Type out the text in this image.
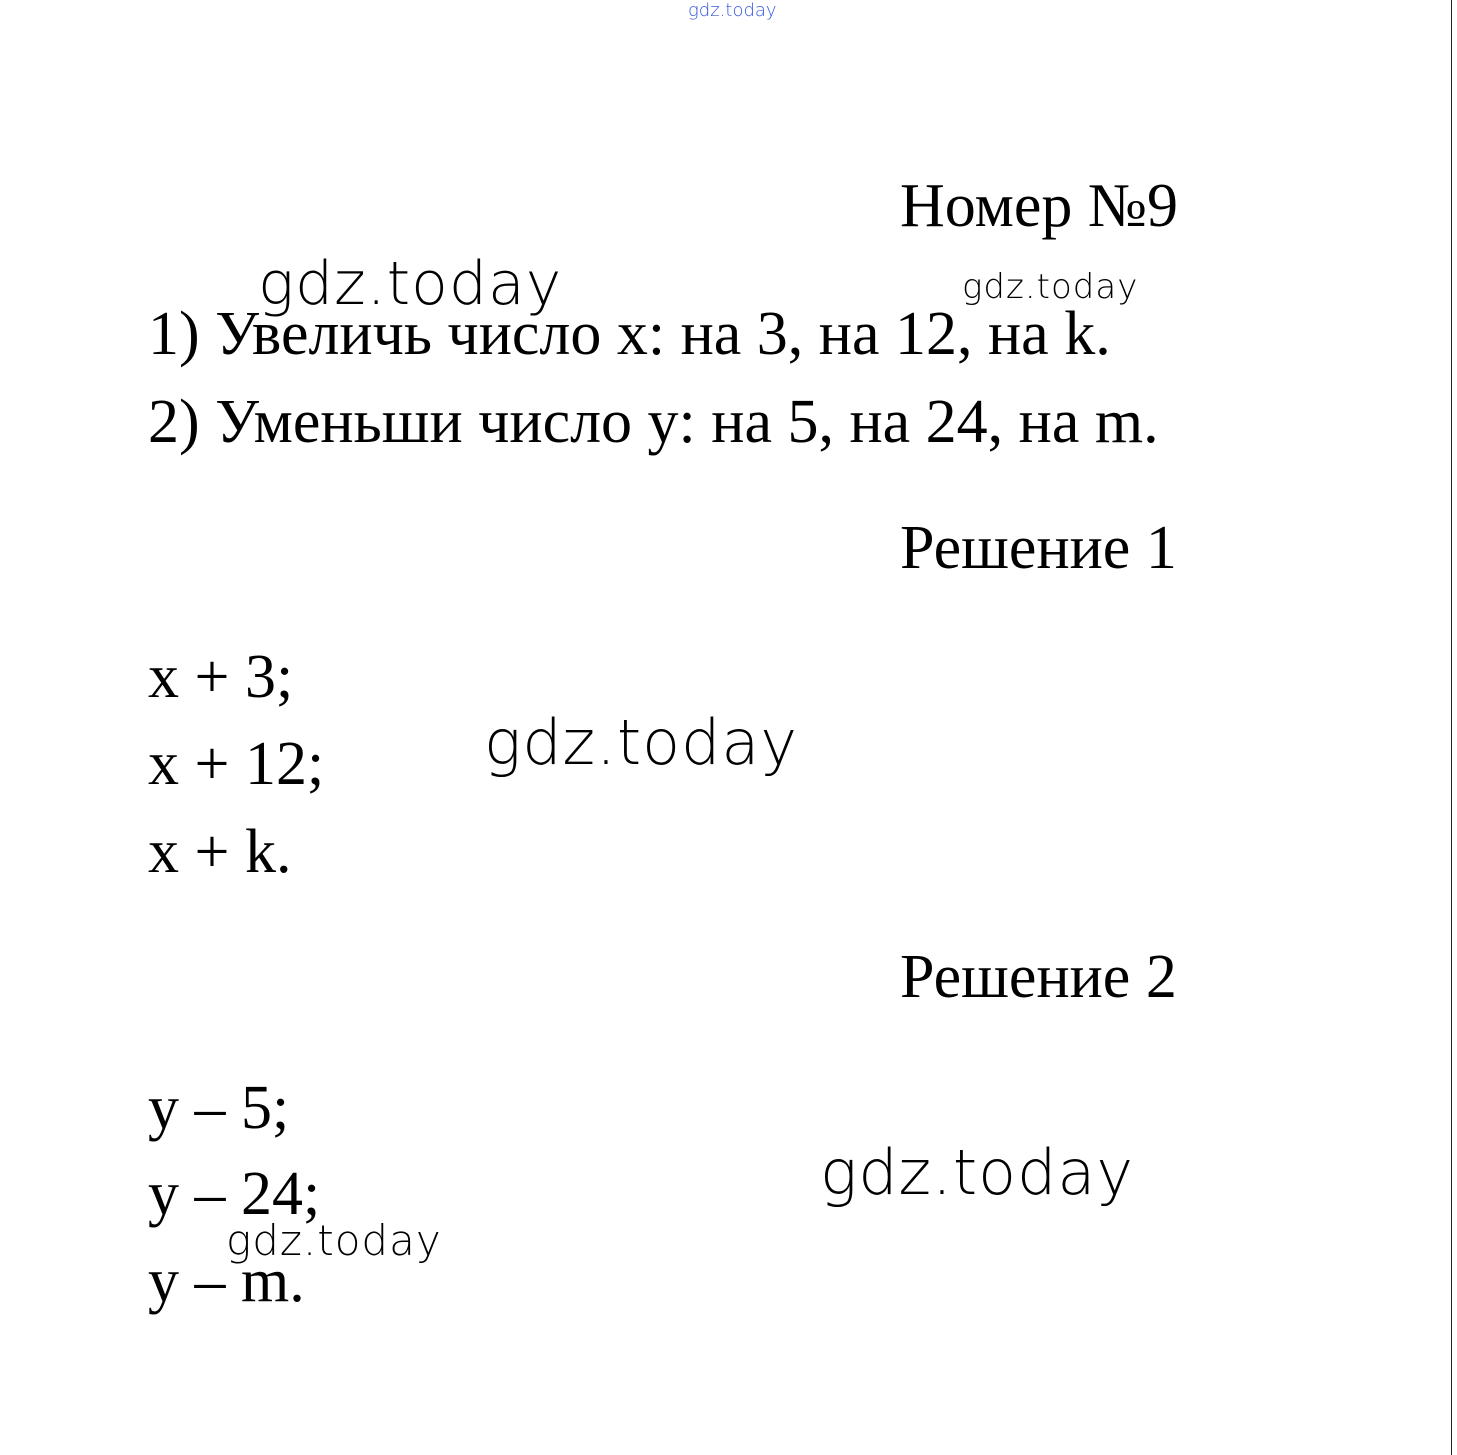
gdz.today
Номер №9
gdz.today	gdz.today
1) Увеличь число x: на 3, на 12, на k.
2) Уменьши число y: на 5, на 24, на m.
Решение 1
x + 3;
gdz.today
x + 12;
x + k.
Решение 2
y – 5;
gdz.today
y – 24;
gdz.today
y – m.
